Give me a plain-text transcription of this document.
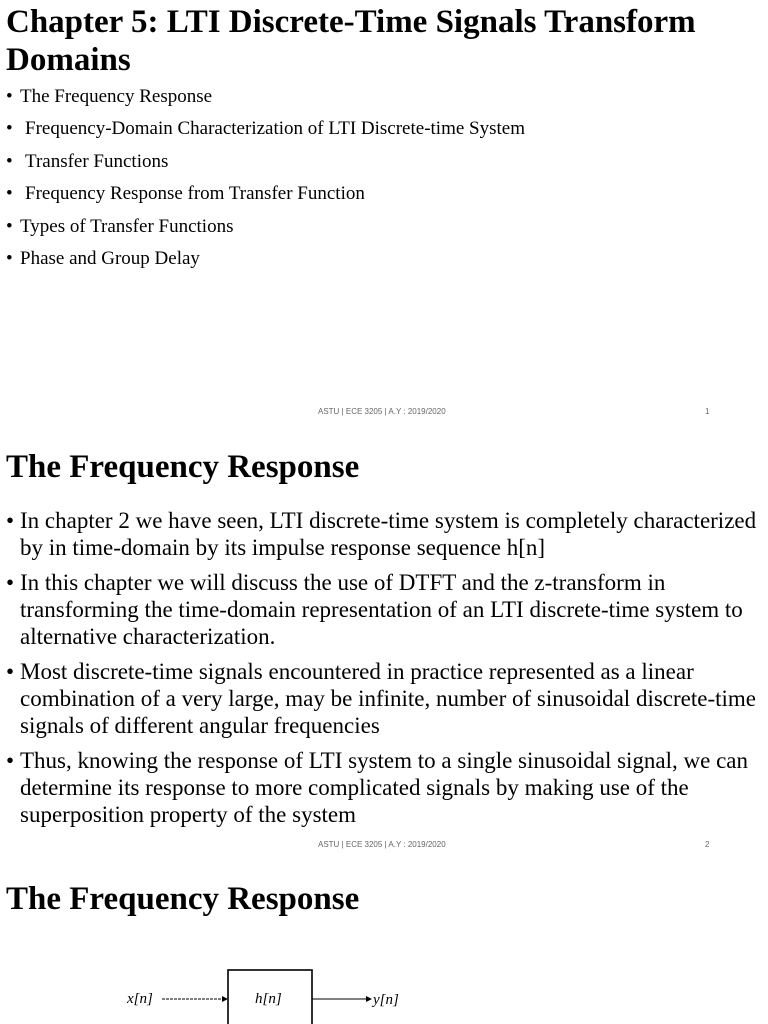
Chapter 5: LTI Discrete-Time Signals Transform Domains
• The Frequency Response
• Frequency-Domain Characterization of LTI Discrete-time System
• Transfer Functions
• Frequency Response from Transfer Function
• Types of Transfer Functions
• Phase and Group Delay
ASTU | ECE 3205 | A.Y : 2019/2020	1
The Frequency Response
• In chapter 2 we have seen, LTI discrete-time system is completely characterized by in time-domain by its impulse response sequence h[n]
• In this chapter we will discuss the use of DTFT and the z-transform in transforming the time-domain representation of an LTI discrete-time system to alternative characterization.
• Most discrete-time signals encountered in practice represented as a linear combination of a very large, may be infinite, number of sinusoidal discrete-time signals of different angular frequencies
• Thus, knowing the response of LTI system to a single sinusoidal signal, we can determine its response to more complicated signals by making use of the superposition property of the system
ASTU | ECE 3205 | A.Y : 2019/2020	2
The Frequency Response
x[n]	h[n]	y[n]
